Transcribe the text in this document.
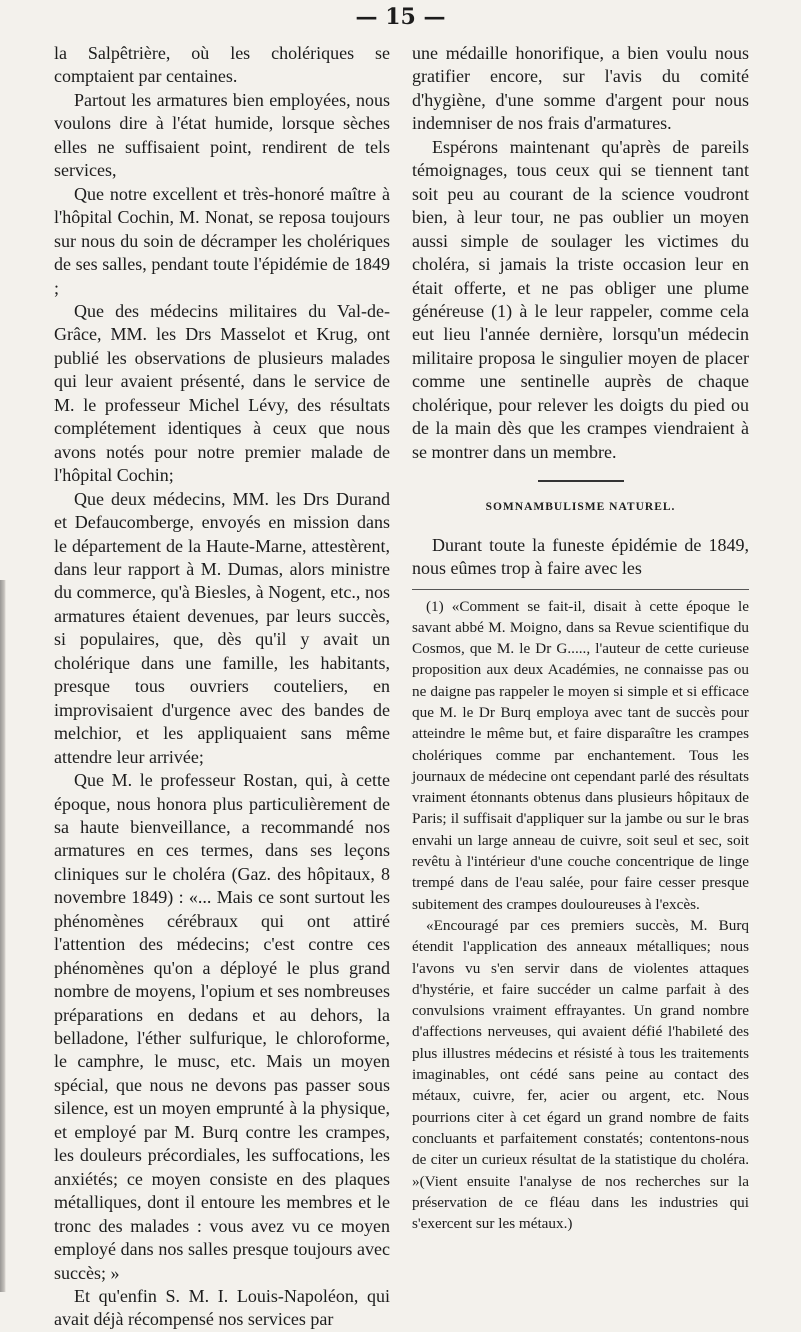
— 15 —

la Salpêtrière, où les cholériques se comptaient par centaines.

Partout les armatures bien employées, nous voulons dire à l'état humide, lorsque sèches elles ne suffisaient point, rendirent de tels services,

Que notre excellent et très-honoré maître à l'hôpital Cochin, M. Nonat, se reposa toujours sur nous du soin de décramper les cholériques de ses salles, pendant toute l'épidémie de 1849 ;

Que des médecins militaires du Val-de-Grâce, MM. les Drs Masselot et Krug, ont publié les observations de plusieurs malades qui leur avaient présenté, dans le service de M. le professeur Michel Lévy, des résultats complétement identiques à ceux que nous avons notés pour notre premier malade de l'hôpital Cochin;

Que deux médecins, MM. les Drs Durand et Defaucomberge, envoyés en mission dans le département de la Haute-Marne, attestèrent, dans leur rapport à M. Dumas, alors ministre du commerce, qu'à Biesles, à Nogent, etc., nos armatures étaient devenues, par leurs succès, si populaires, que, dès qu'il y avait un cholérique dans une famille, les habitants, presque tous ouvriers couteliers, en improvisaient d'urgence avec des bandes de melchior, et les appliquaient sans même attendre leur arrivée;

Que M. le professeur Rostan, qui, à cette époque, nous honora plus particulièrement de sa haute bienveillance, a recommandé nos armatures en ces termes, dans ses leçons cliniques sur le choléra (Gaz. des hôpitaux, 8 novembre 1849) : «... Mais ce sont surtout les phénomènes cérébraux qui ont attiré l'attention des médecins; c'est contre ces phénomènes qu'on a déployé le plus grand nombre de moyens, l'opium et ses nombreuses préparations en dedans et au dehors, la belladone, l'éther sulfurique, le chloroforme, le camphre, le musc, etc. Mais un moyen spécial, que nous ne devons pas passer sous silence, est un moyen emprunté à la physique, et employé par M. Burq contre les crampes, les douleurs précordiales, les suffocations, les anxiétés; ce moyen consiste en des plaques métalliques, dont il entoure les membres et le tronc des malades : vous avez vu ce moyen employé dans nos salles presque toujours avec succès; »

Et qu'enfin S. M. I. Louis-Napoléon, qui avait déjà récompensé nos services par

une médaille honorifique, a bien voulu nous gratifier encore, sur l'avis du comité d'hygiène, d'une somme d'argent pour nous indemniser de nos frais d'armatures.

Espérons maintenant qu'après de pareils témoignages, tous ceux qui se tiennent tant soit peu au courant de la science voudront bien, à leur tour, ne pas oublier un moyen aussi simple de soulager les victimes du choléra, si jamais la triste occasion leur en était offerte, et ne pas obliger une plume généreuse (1) à le leur rappeler, comme cela eut lieu l'année dernière, lorsqu'un médecin militaire proposa le singulier moyen de placer comme une sentinelle auprès de chaque cholérique, pour relever les doigts du pied ou de la main dès que les crampes viendraient à se montrer dans un membre.

SOMNAMBULISME NATUREL.

Durant toute la funeste épidémie de 1849, nous eûmes trop à faire avec les

(1) «Comment se fait-il, disait à cette époque le savant abbé M. Moigno, dans sa Revue scientifique du Cosmos, que M. le Dr G....., l'auteur de cette curieuse proposition aux deux Académies, ne connaisse pas ou ne daigne pas rappeler le moyen si simple et si efficace que M. le Dr Burq employa avec tant de succès pour atteindre le même but, et faire disparaître les crampes cholériques comme par enchantement. Tous les journaux de médecine ont cependant parlé des résultats vraiment étonnants obtenus dans plusieurs hôpitaux de Paris; il suffisait d'appliquer sur la jambe ou sur le bras envahi un large anneau de cuivre, soit seul et sec, soit revêtu à l'intérieur d'une couche concentrique de linge trempé dans de l'eau salée, pour faire cesser presque subitement des crampes douloureuses à l'excès.

«Encouragé par ces premiers succès, M. Burq étendit l'application des anneaux métalliques; nous l'avons vu s'en servir dans de violentes attaques d'hystérie, et faire succéder un calme parfait à des convulsions vraiment effrayantes. Un grand nombre d'affections nerveuses, qui avaient défié l'habileté des plus illustres médecins et résisté à tous les traitements imaginables, ont cédé sans peine au contact des métaux, cuivre, fer, acier ou argent, etc. Nous pourrions citer à cet égard un grand nombre de faits concluants et parfaitement constatés; contentons-nous de citer un curieux résultat de la statistique du choléra. »(Vient ensuite l'analyse de nos recherches sur la préservation de ce fléau dans les industries qui s'exercent sur les métaux.)
